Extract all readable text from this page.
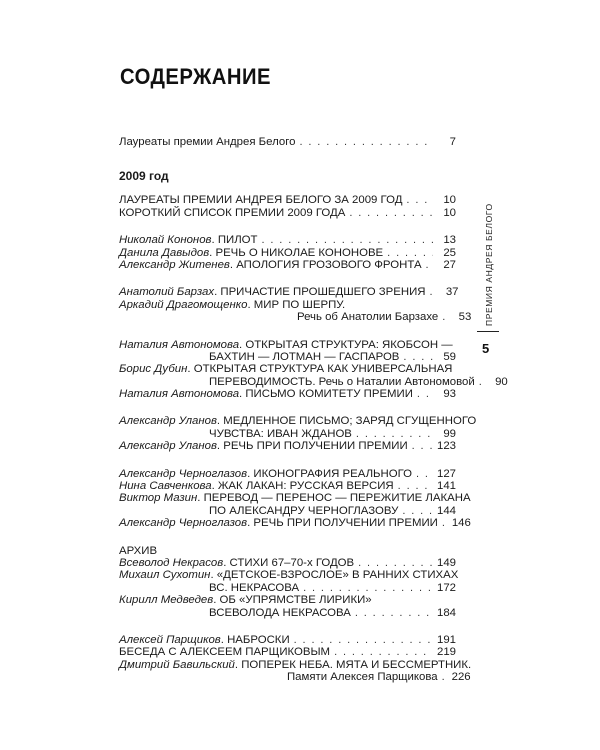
СОДЕРЖАНИЕ
Лауреаты премии Андрея Белого . . .	7
2009 год
ЛАУРЕАТЫ ПРЕМИИ АНДРЕЯ БЕЛОГО ЗА 2009 ГОД . . .	10
КОРОТКИЙ СПИСОК ПРЕМИИ 2009 ГОДА . . .	10
Николай Кононов. ПИЛОТ . . .	13
Данила Давыдов. РЕЧЬ О НИКОЛАЕ КОНОНОВЕ . . .	25
Александр Житенев. АПОЛОГИЯ ГРОЗОВОГО ФРОНТА . . .	27
Анатолий Барзах. ПРИЧАСТИЕ ПРОШЕДШЕГО ЗРЕНИЯ . . .	37
Аркадий Драгомощенко. МИР ПО ШЕРПУ.
Речь об Анатолии Барзахе . . .	53
Наталия Автономова. ОТКРЫТАЯ СТРУКТУРА: ЯКОБСОН —
БАХТИН — ЛОТМАН — ГАСПАРОВ . . .	59
Борис Дубин. ОТКРЫТАЯ СТРУКТУРА КАК УНИВЕРСАЛЬНАЯ
ПЕРЕВОДИМОСТЬ. Речь о Наталии Автономовой . . .	90
Наталия Автономова. ПИСЬМО КОМИТЕТУ ПРЕМИИ . . .	93
Александр Уланов. МЕДЛЕННОЕ ПИСЬМО; ЗАРЯД СГУЩЕННОГО
ЧУВСТВА: ИВАН ЖДАНОВ . . .	99
Александр Уланов. РЕЧЬ ПРИ ПОЛУЧЕНИИ ПРЕМИИ . . .	123
Александр Черноглазов. ИКОНОГРАФИЯ РЕАЛЬНОГО . . . 127
Нина Савченкова. ЖАК ЛАКАН: РУССКАЯ ВЕРСИЯ . . .	141
Виктор Мазин. ПЕРЕВОД — ПЕРЕНОС — ПЕРЕЖИТИЕ ЛАКАНА
ПО АЛЕКСАНДРУ ЧЕРНОГЛАЗОВУ . . .	144
Александр Черноглазов. РЕЧЬ ПРИ ПОЛУЧЕНИИ ПРЕМИИ . . . 146
АРХИВ
Всеволод Некрасов. СТИХИ 67–70-х ГОДОВ . . .	149
Михаил Сухотин. «ДЕТСКОЕ-ВЗРОСЛОЕ» В РАННИХ СТИХАХ
ВС. НЕКРАСОВА . . .	172
Кирилл Медведев. ОБ «УПРЯМСТВЕ ЛИРИКИ»
ВСЕВОЛОДА НЕКРАСОВА . . .	184
Алексей Парщиков. НАБРОСКИ . . .	191
БЕСЕДА С АЛЕКСЕЕМ ПАРЩИКОВЫМ . . .	219
Дмитрий Бавильский. ПОПЕРЕК НЕБА. МЯТА И БЕССМЕРТНИК.
Памяти Алексея Парщикова . . . 226
ПРЕМИЯ АНДРЕЯ БЕЛОГО
5
